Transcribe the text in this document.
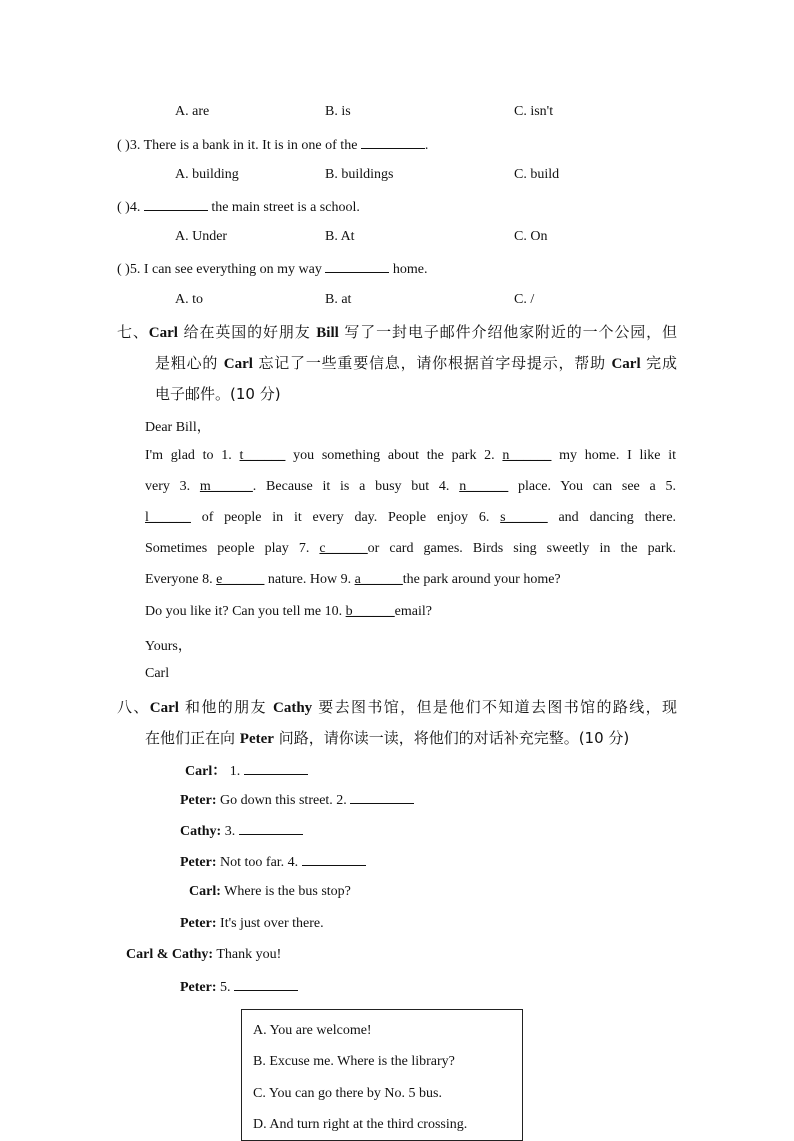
A. are	B. is	C. isn't
( )3. There is a bank in it. It is in one of the	.
A. building	B. buildings	C. build
( )4.	the main street is a school.
A. Under	B. At	C. On
( )5. I can see everything on my way	home.
A. to	B. at	C. /
七、Carl 给在英国的好朋友 Bill 写了一封电子邮件介绍他家附近的一个公园，但
是粗心的 Carl 忘记了一些重要信息，请你根据首字母提示，帮助 Carl 完成
电子邮件。(10 分)
Dear Bill，
I'm glad to 1. t______ you something about the park 2. n______ my home. I like it
very 3. m______. Because it is a busy but 4. n______ place. You can see a 5.
l______ of people in it every day. People enjoy 6. s______ and dancing there.
Sometimes people play 7. c______or card games. Birds sing sweetly in the park.
Everyone 8. e______ nature. How 9. a______the park around your home?
Do you like it? Can you tell me 10. b______email?
Yours，
Carl
八、Carl 和他的朋友 Cathy 要去图书馆，但是他们不知道去图书馆的路线，现
在他们正在向 Peter 问路，请你读一读，将他们的对话补充完整。(10 分)
Carl： 1.
Peter: Go down this street. 2.
Cathy: 3.
Peter: Not too far. 4.
Carl: Where is the bus stop?
Peter: It's just over there.
Carl & Cathy: Thank you!
Peter: 5.
A. You are welcome!
B. Excuse me. Where is the library?
C. You can go there by No. 5 bus.
D. And turn right at the third crossing.
